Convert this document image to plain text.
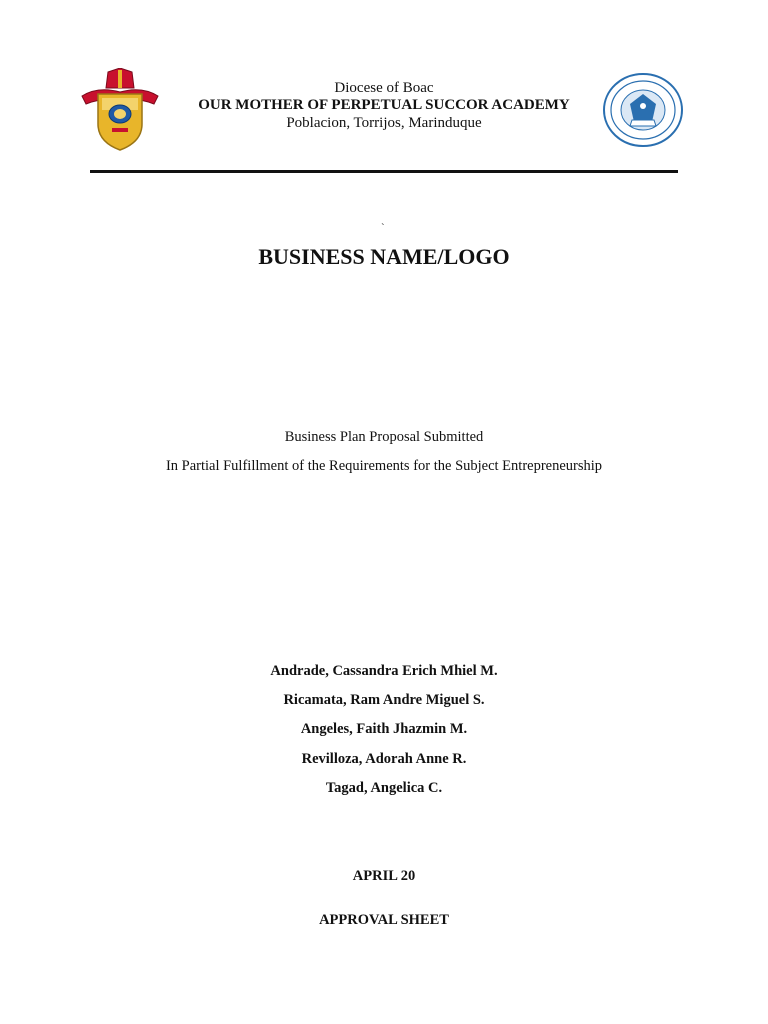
Diocese of Boac
OUR MOTHER OF PERPETUAL SUCCOR ACADEMY
Poblacion, Torrijos, Marinduque
`
BUSINESS NAME/LOGO
Business Plan Proposal Submitted
In Partial Fulfillment of the Requirements for the Subject Entrepreneurship
Andrade, Cassandra Erich Mhiel M.
Ricamata, Ram Andre Miguel S.
Angeles, Faith Jhazmin M.
Revilloza, Adorah Anne R.
Tagad, Angelica C.
APRIL 20
APPROVAL SHEET
